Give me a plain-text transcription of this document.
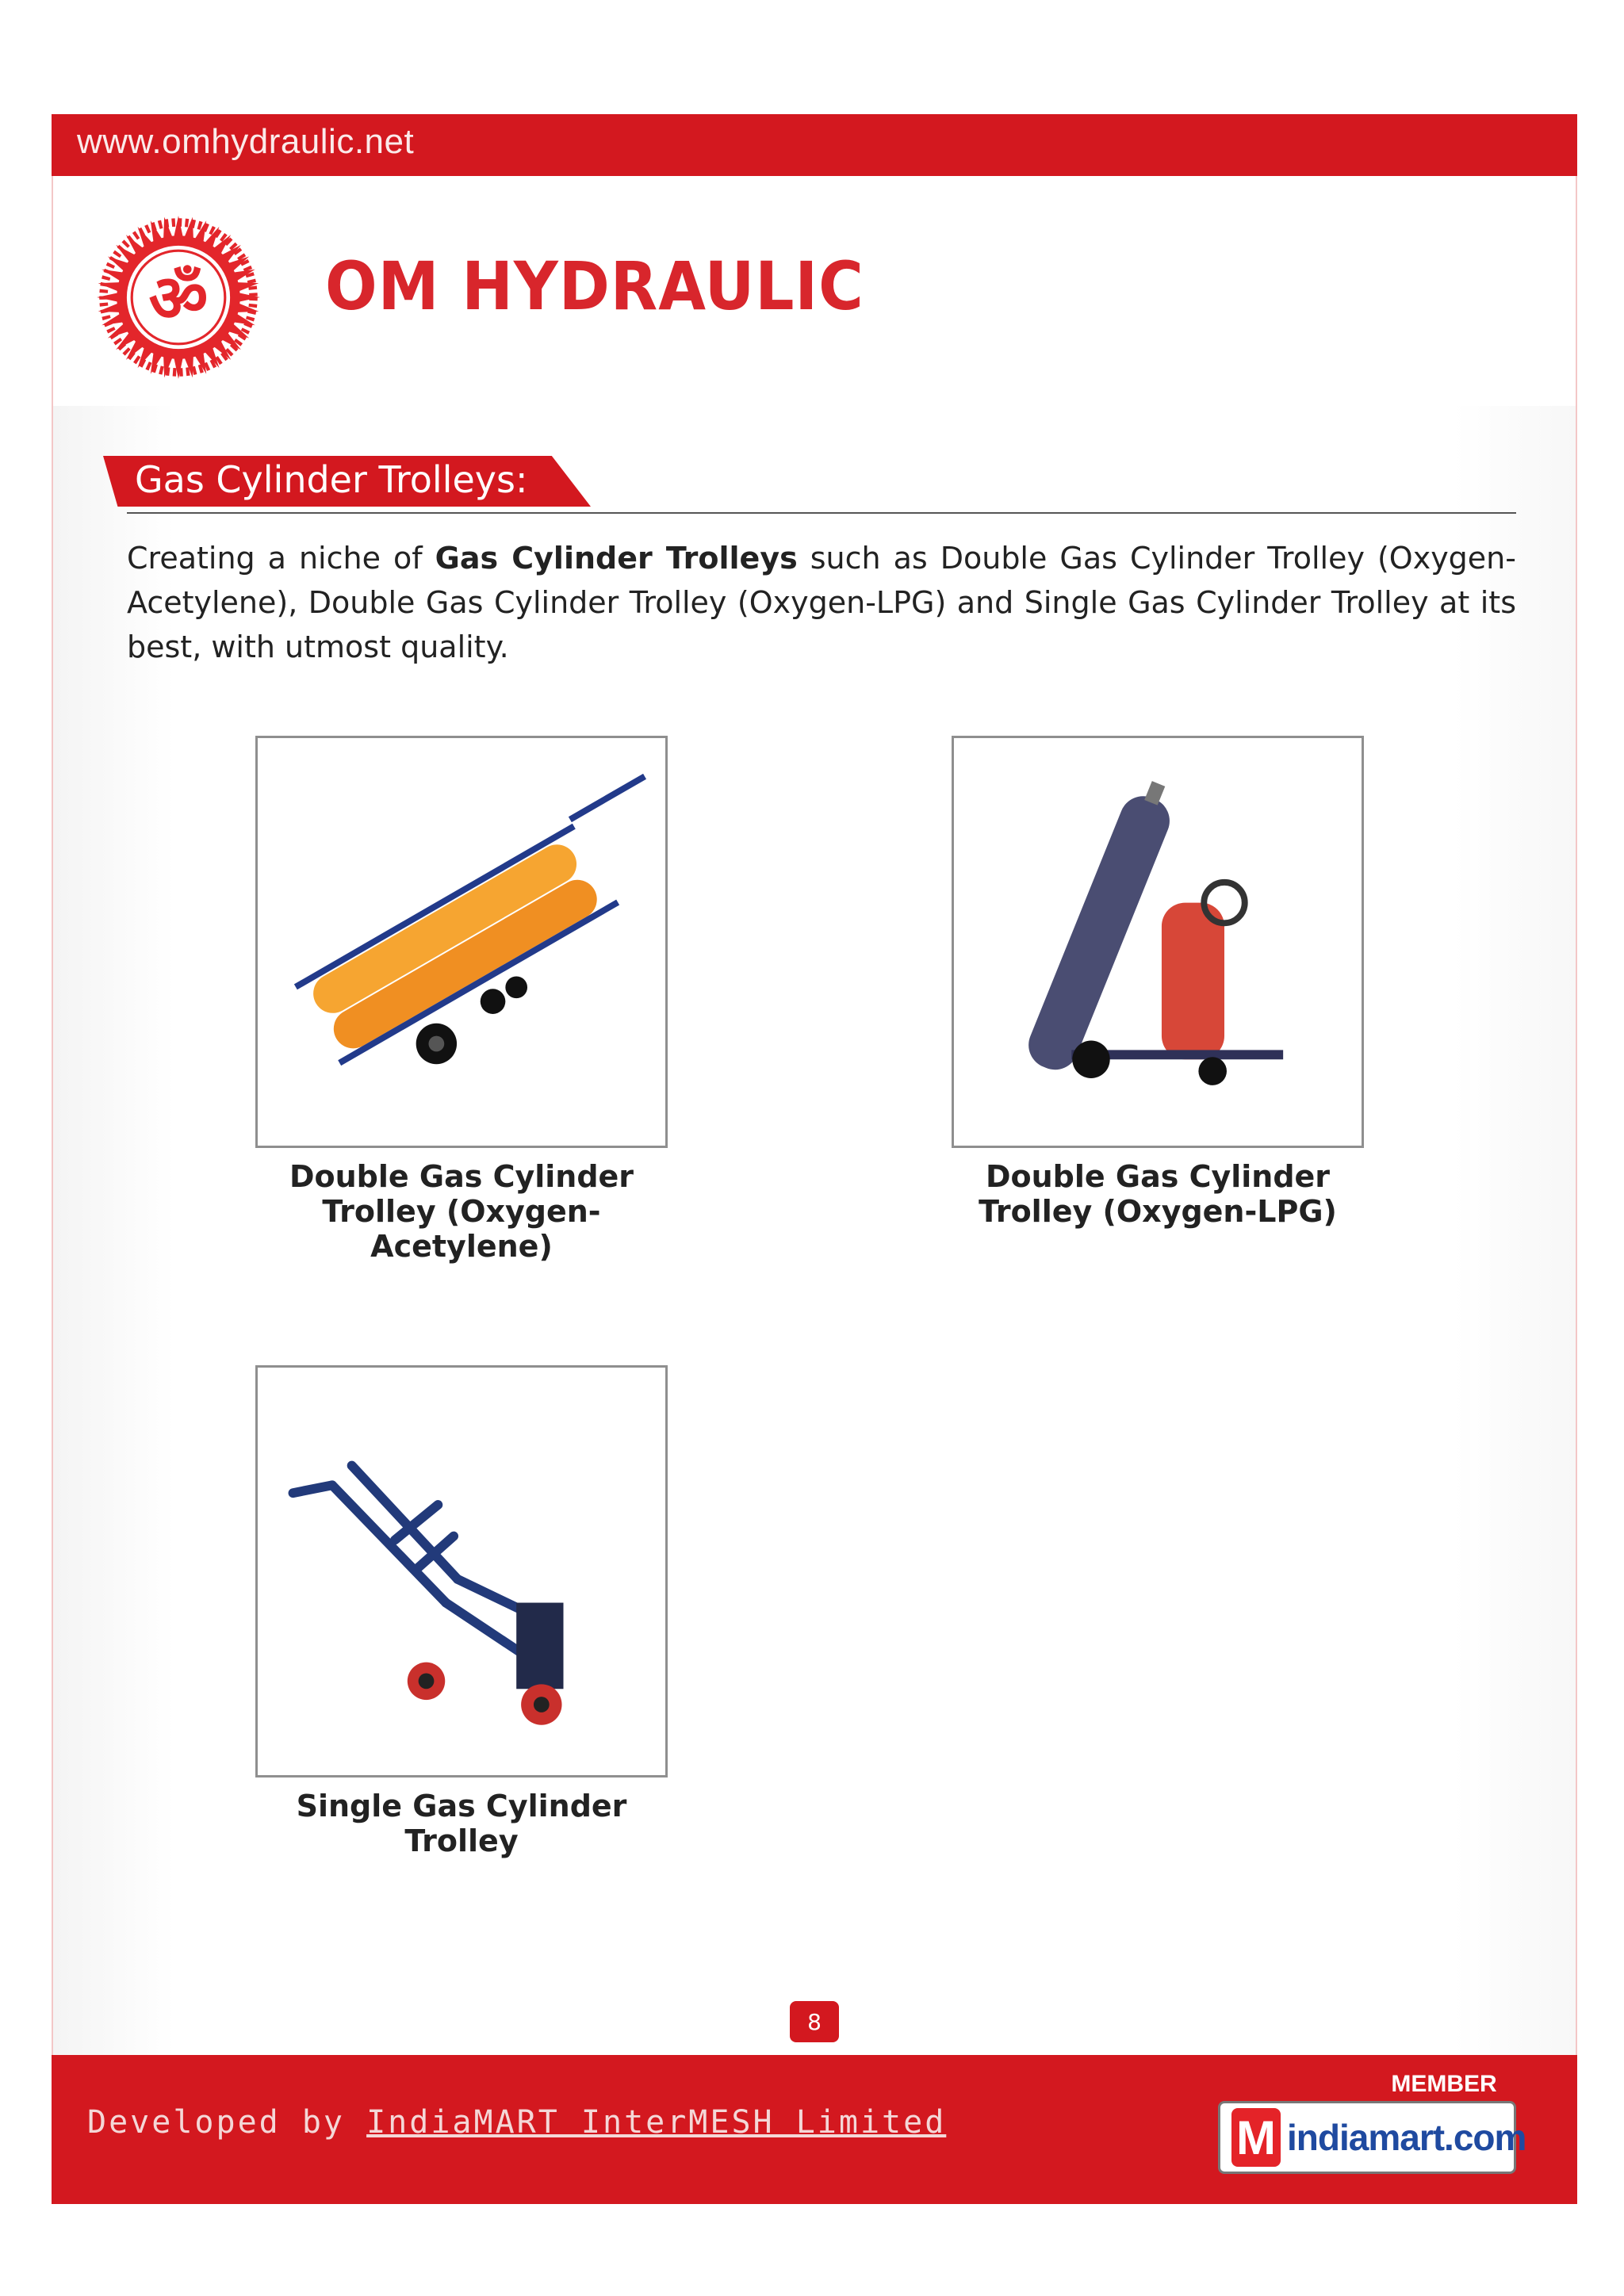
www.omhydraulic.net
ॐ OM HYDRAULIC
Gas Cylinder Trolleys:
Creating a niche of Gas Cylinder Trolleys such as Double Gas Cylinder Trolley (Oxygen-Acetylene), Double Gas Cylinder Trolley (Oxygen-LPG) and Single Gas Cylinder Trolley at its best, with utmost quality.
Double Gas Cylinder Trolley (Oxygen-Acetylene)
Double Gas Cylinder Trolley (Oxygen-LPG)
Single Gas Cylinder Trolley
8
Developed by IndiaMART InterMESH Limited
MEMBER
M indiamart.com
